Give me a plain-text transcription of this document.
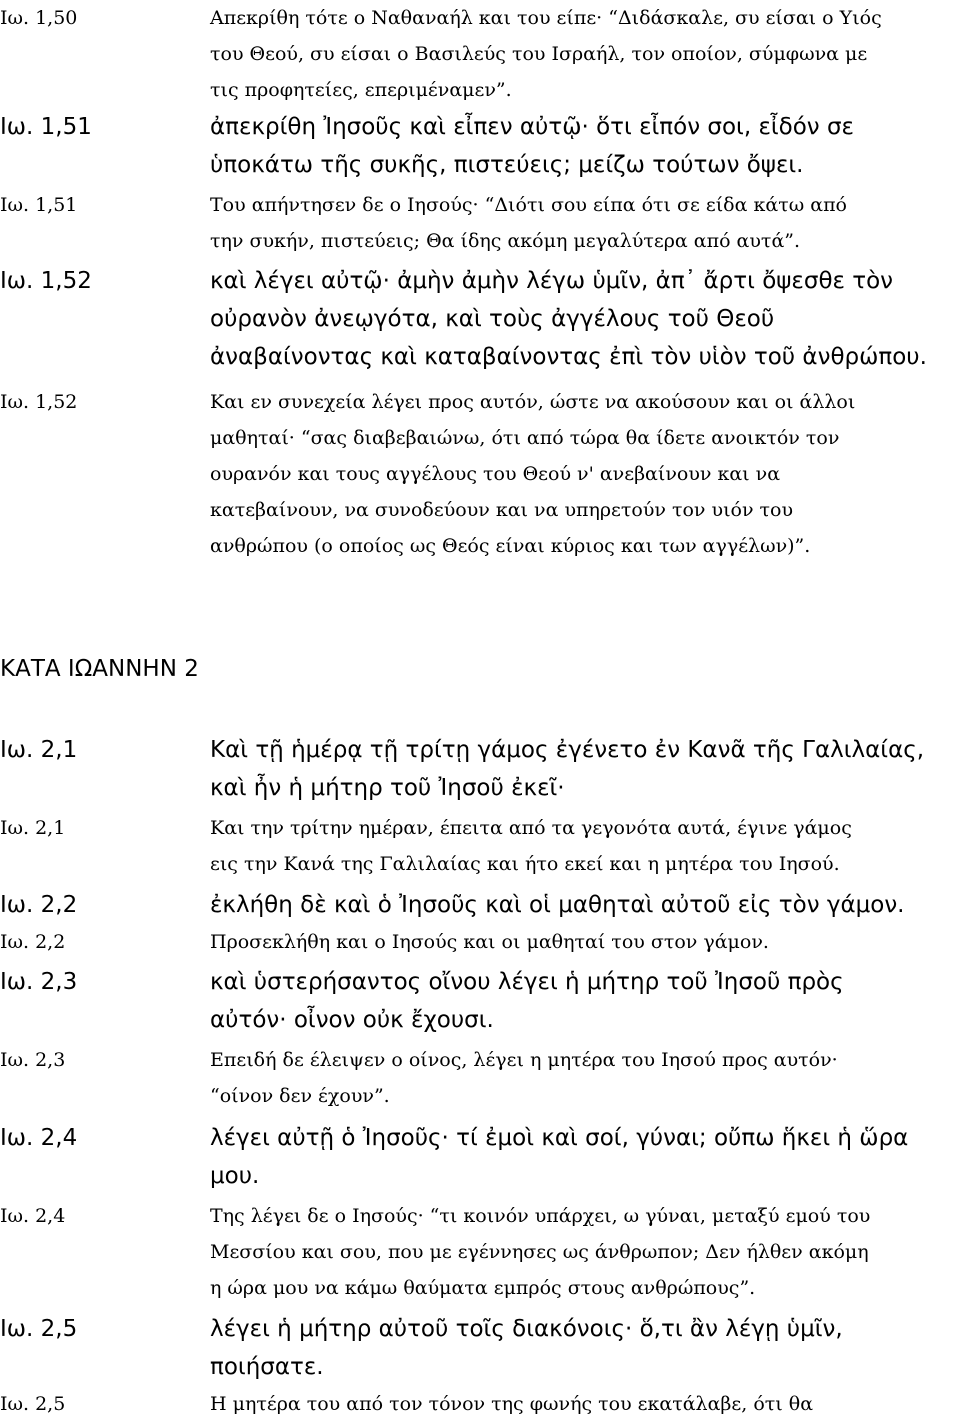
Ιω. 1,50	Απεκρίθη τότε ο Ναθαναήλ και του είπε· “Διδάσκαλε, συ είσαι ο Υιός
του Θεού, συ είσαι ο Βασιλεύς του Ισραήλ, τον οποίον, σύμφωνα με
τις προφητείες, επεριμέναμεν”.
Ιω. 1,51	ἀπεκρίθη Ἰησοῦς καὶ εἶπεν αὐτῷ· ὅτι εἶπόν σοι, εἶδόν σε
ὑποκάτω τῆς συκῆς, πιστεύεις; μείζω τούτων ὄψει.
Ιω. 1,51	Του απήντησεν δε ο Ιησούς· “Διότι σου είπα ότι σε είδα κάτω από
την συκήν, πιστεύεις; Θα ίδης ακόμη μεγαλύτερα από αυτά”.
Ιω. 1,52	καὶ λέγει αὐτῷ· ἀμὴν ἀμὴν λέγω ὑμῖν, ἀπ᾿ ἄρτι ὄψεσθε τὸν
οὐρανὸν ἀνεῳγότα, καὶ τοὺς ἀγγέλους τοῦ Θεοῦ
ἀναβαίνοντας καὶ καταβαίνοντας ἐπὶ τὸν υἱὸν τοῦ ἀνθρώπου.
Ιω. 1,52	Και εν συνεχεία λέγει προς αυτόν, ώστε να ακούσουν και οι άλλοι
μαθηταί· “σας διαβεβαιώνω, ότι από τώρα θα ίδετε ανοικτόν τον
ουρανόν και τους αγγέλους του Θεού ν' ανεβαίνουν και να
κατεβαίνουν, να συνοδεύουν και να υπηρετούν τον υιόν του
ανθρώπου (ο οποίος ως Θεός είναι κύριος και των αγγέλων)”.
ΚΑΤΑ ΙΩΑΝΝΗΝ 2
Ιω. 2,1	Καὶ τῇ ἡμέρᾳ τῇ τρίτῃ γάμος ἐγένετο ἐν Κανᾶ τῆς Γαλιλαίας,
καὶ ἦν ἡ μήτηρ τοῦ Ἰησοῦ ἐκεῖ·
Ιω. 2,1	Και την τρίτην ημέραν, έπειτα από τα γεγονότα αυτά, έγινε γάμος
εις την Κανά της Γαλιλαίας και ήτο εκεί και η μητέρα του Ιησού.
Ιω. 2,2	ἐκλήθη δὲ καὶ ὁ Ἰησοῦς καὶ οἱ μαθηταὶ αὐτοῦ εἰς τὸν γάμον.
Ιω. 2,2	Προσεκλήθη και ο Ιησούς και οι μαθηταί του στον γάμον.
Ιω. 2,3	καὶ ὑστερήσαντος οἴνου λέγει ἡ μήτηρ τοῦ Ἰησοῦ πρὸς
αὐτόν· οἶνον οὐκ ἔχουσι.
Ιω. 2,3	Επειδή δε έλειψεν ο οίνος, λέγει η μητέρα του Ιησού προς αυτόν·
“οίνον δεν έχουν”.
Ιω. 2,4	λέγει αὐτῇ ὁ Ἰησοῦς· τί ἐμοὶ καὶ σοί, γύναι; οὔπω ἥκει ἡ ὥρα
μου.
Ιω. 2,4	Της λέγει δε ο Ιησούς· “τι κοινόν υπάρχει, ω γύναι, μεταξύ εμού του
Μεσσίου και σου, που με εγέννησες ως άνθρωπον; Δεν ήλθεν ακόμη
η ώρα μου να κάμω θαύματα εμπρός στους ανθρώπους”.
Ιω. 2,5	λέγει ἡ μήτηρ αὐτοῦ τοῖς διακόνοις· ὅ,τι ἂν λέγῃ ὑμῖν,
ποιήσατε.
Ιω. 2,5	Η μητέρα του από τον τόνον της φωνής του εκατάλαβε, ότι θα
